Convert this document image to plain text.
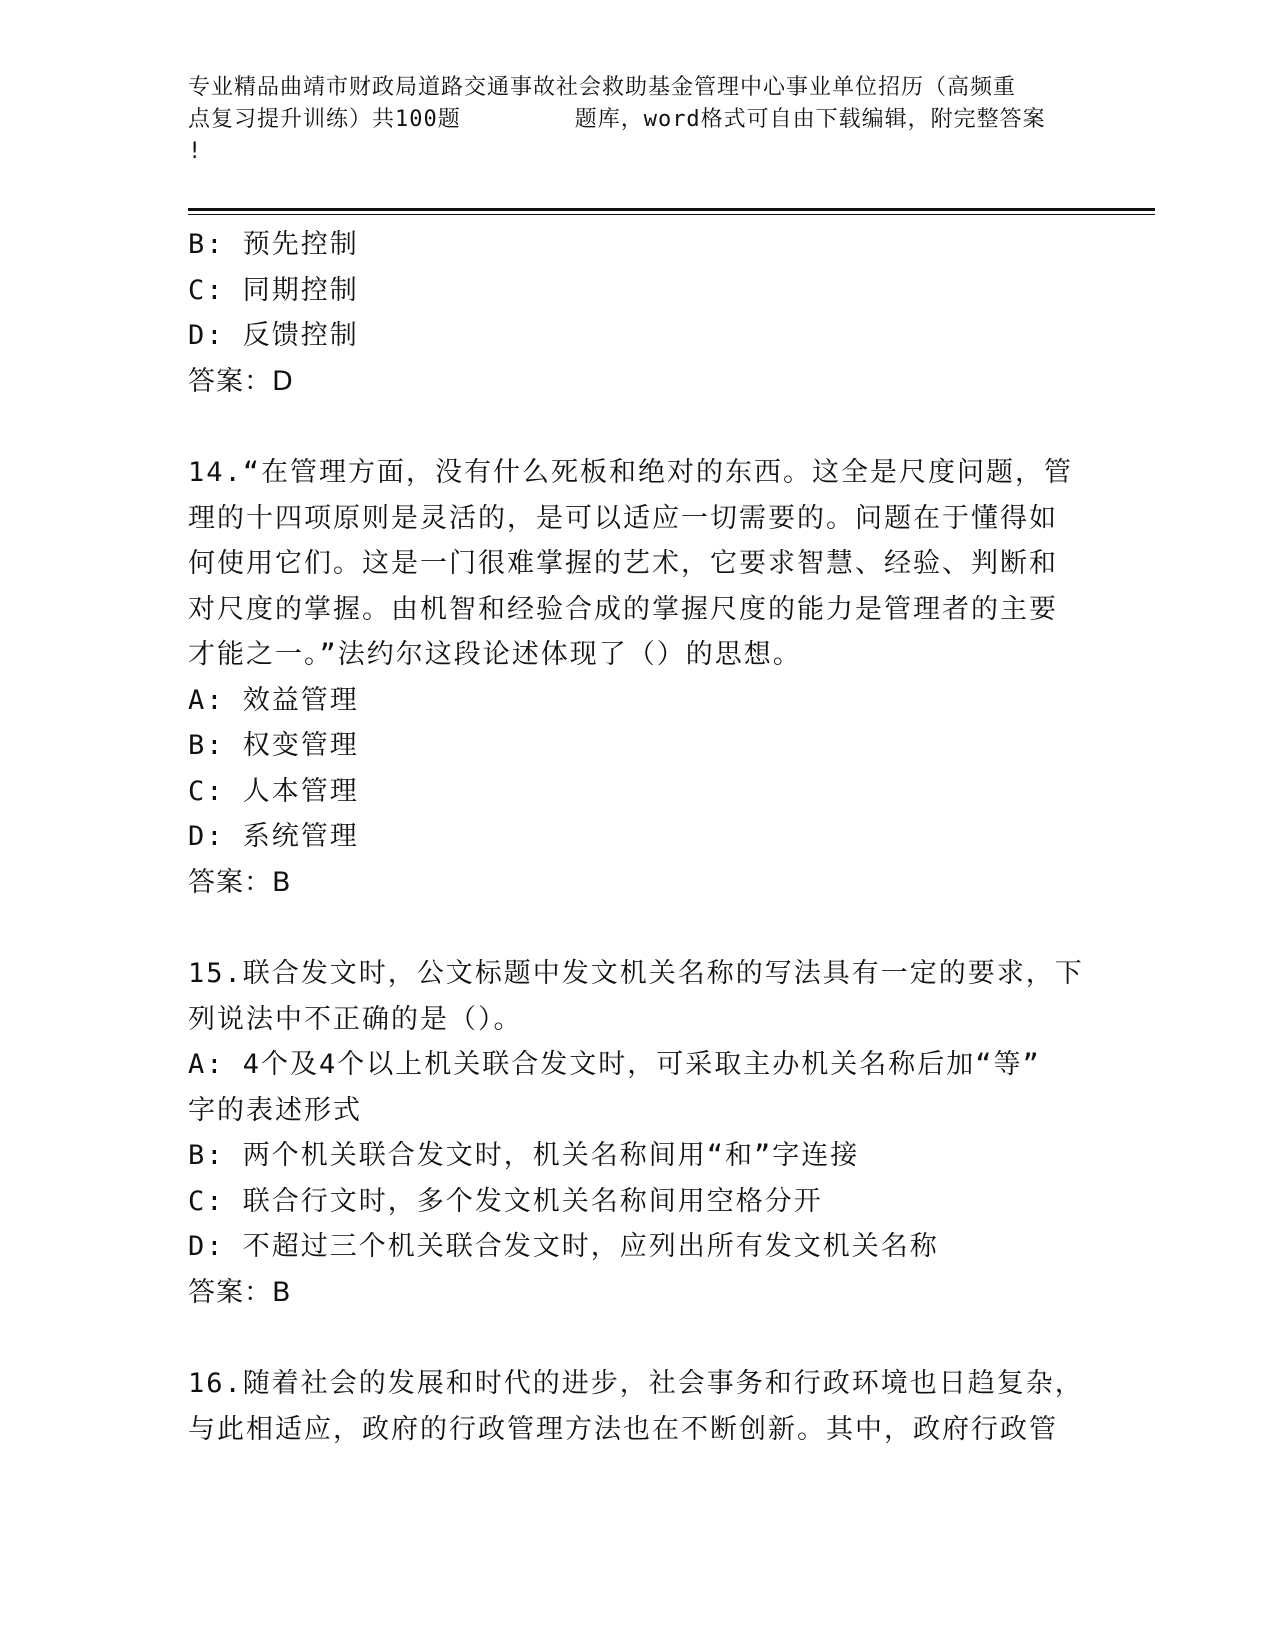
专业精品曲靖市财政局道路交通事故社会救助基金管理中心事业单位招历（高频重
点复习提升训练）共100题        题库，word格式可自由下载编辑，附完整答案
!
B: 预先控制
C: 同期控制
D: 反馈控制
答案：D
14.“在管理方面，没有什么死板和绝对的东西。这全是尺度问题，管
理的十四项原则是灵活的，是可以适应一切需要的。问题在于懂得如
何使用它们。这是一门很难掌握的艺术，它要求智慧、经验、判断和
对尺度的掌握。由机智和经验合成的掌握尺度的能力是管理者的主要
才能之一。”法约尔这段论述体现了（）的思想。
A: 效益管理
B: 权变管理
C: 人本管理
D: 系统管理
答案：B
15.联合发文时，公文标题中发文机关名称的写法具有一定的要求，下
列说法中不正确的是（）。
A: 4个及4个以上机关联合发文时，可采取主办机关名称后加“等”
字的表述形式
B: 两个机关联合发文时，机关名称间用“和”字连接
C: 联合行文时，多个发文机关名称间用空格分开
D: 不超过三个机关联合发文时，应列出所有发文机关名称
答案：B
16.随着社会的发展和时代的进步，社会事务和行政环境也日趋复杂，
与此相适应，政府的行政管理方法也在不断创新。其中，政府行政管
